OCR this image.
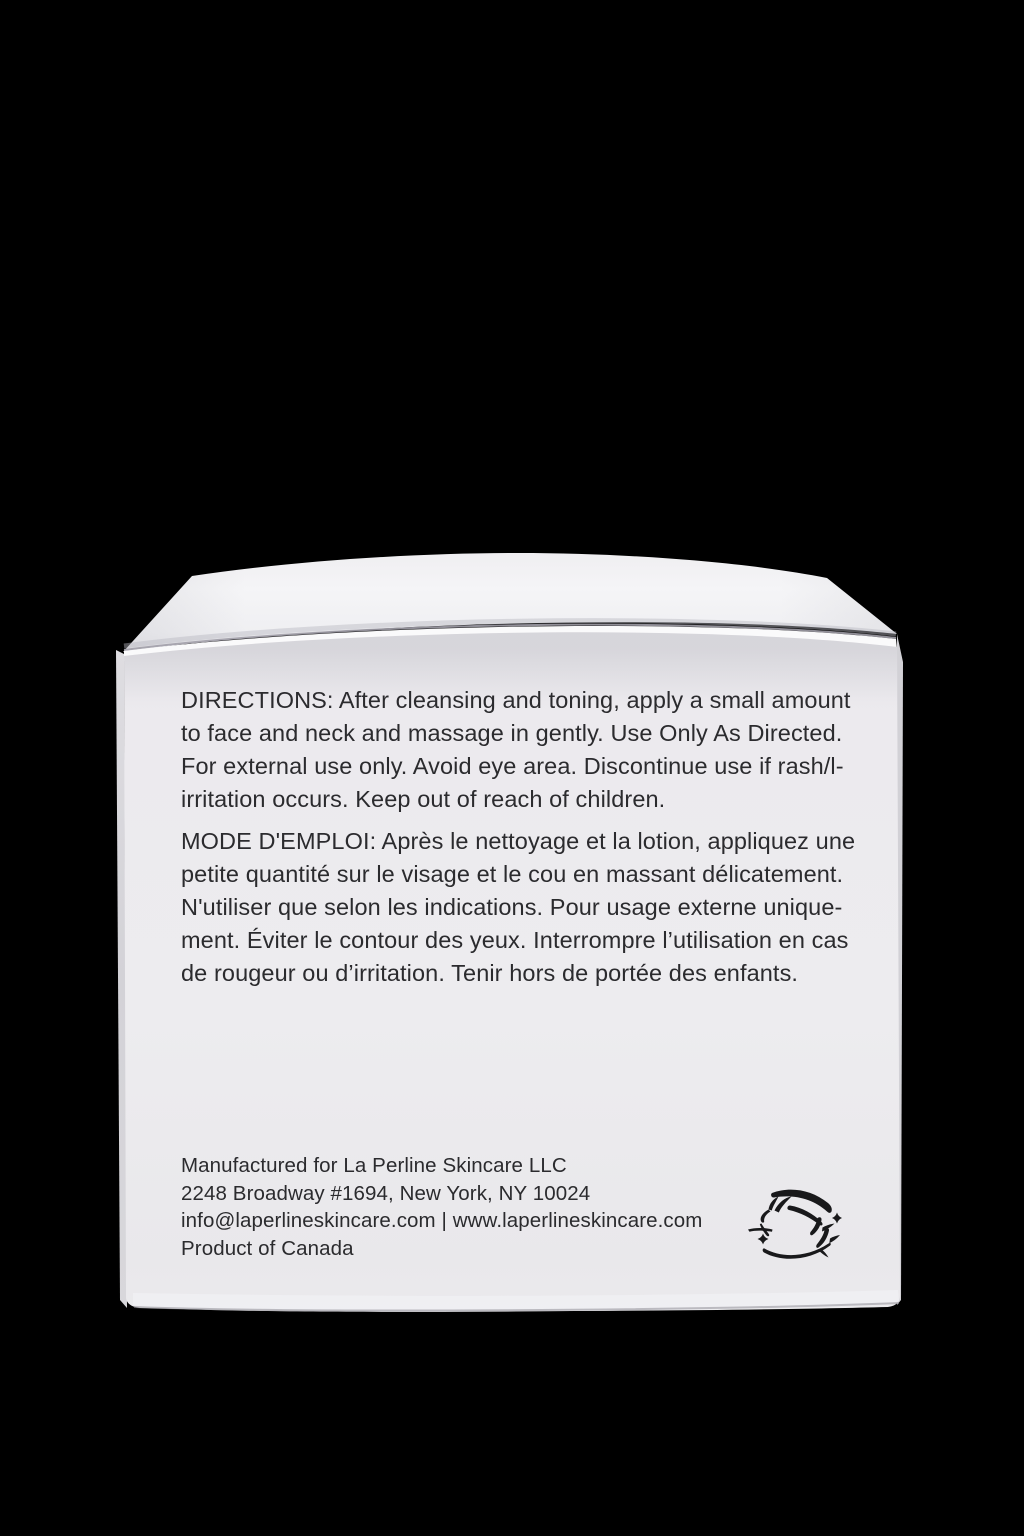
DIRECTIONS: After cleansing and toning, apply a small amount
to face and neck and massage in gently. Use Only As Directed.
For external use only. Avoid eye area. Discontinue use if rash/l-
irritation occurs. Keep out of reach of children.
MODE D'EMPLOI: Après le nettoyage et la lotion, appliquez une
petite quantité sur le visage et le cou en massant délicatement.
N'utiliser que selon les indications. Pour usage externe unique-
ment. Éviter le contour des yeux. Interrompre l’utilisation en cas
de rougeur ou d’irritation. Tenir hors de portée des enfants.
Manufactured for La Perline Skincare LLC
2248 Broadway #1694, New York, NY 10024
info@laperlineskincare.com | www.laperlineskincare.com
Product of Canada
